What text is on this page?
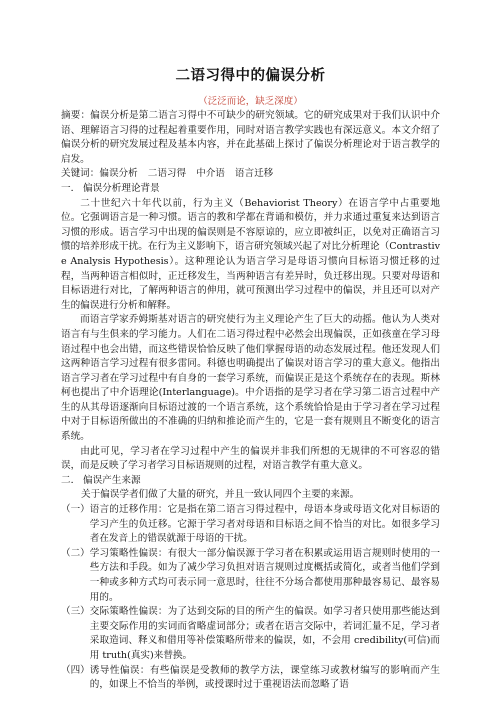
二语习得中的偏误分析

（泛泛而论，缺乏深度）

摘要：偏误分析是第二语言习得中不可缺少的研究领域。它的研究成果对于我们认识中介语、理解语言习得的过程起着重要作用，同时对语言教学实践也有深远意义。本文介绍了偏误分析的研究发展过程及基本内容，并在此基础上探讨了偏误分析理论对于语言教学的启发。

关键词：偏误分析 二语习得 中介语 语言迁移

一． 偏误分析理论背景

二十世纪六十年代以前，行为主义（Behaviorist Theory）在语言学中占重要地位。它强调语言是一种习惯。语言的教和学都在背诵和模仿，并力求通过重复来达到语言习惯的形成。语言学习中出现的偏误则是不容原谅的，应立即被纠正，以免对正确语言习惯的培养形成干扰。在行为主义影响下，语言研究领域兴起了对比分析理论（Contrastive Analysis Hypothesis）。这种理论认为语言学习是母语习惯向目标语习惯迁移的过程，当两种语言相似时，正迁移发生，当两种语言有差异时，负迁移出现。只要对母语和目标语进行对比，了解两种语言的伸用，就可预测出学习过程中的偏误，并且还可以对产生的偏误进行分析和解释。

而语言学家乔姆斯基对语言的研究使行为主义理论产生了巨大的动摇。他认为人类对语言有与生俱来的学习能力。人们在二语习得过程中必然会出现偏误，正如孩童在学习母语过程中也会出错，而这些错误恰恰反映了他们掌握母语的动态发展过程。他还发现人们这两种语言学习过程有很多雷同。科德也明确提出了偏误对语言学习的重大意义。他指出语言学习者在学习过程中有自身的一套学习系统，而偏误正是这个系统存在的表现。斯林柯也提出了中介语理论(Interlanguage)。中介语指的是学习者在学习第二语言过程中产生的从其母语逐渐向目标语过渡的一个语言系统，这个系统恰恰是由于学习者在学习过程中对于目标语所做出的不准确的归纳和推论而产生的，它是一套有规则且不断变化的语言系统。

由此可见，学习者在学习过程中产生的偏误并非我们所想的无规律的不可容忍的错误，而是反映了学习者学习目标语规则的过程，对语言教学有重大意义。

二． 偏误产生来源

关于偏误学者们做了大量的研究，并且一致认同四个主要的来源。

（一） 语言的迁移作用：它是指在第二语言习得过程中，母语本身或母语文化对目标语的学习产生的负迁移。它源于学习者对母语和目标语之间不恰当的对比。如很多学习者在发音上的错误就源于母语的干扰。
（二） 学习策略性偏误：有很大一部分偏误源于学习者在积累或运用语言规则时使用的一些方法和手段。如为了减少学习负担对语言规则过度概括或简化，或者当他们学到一种或多种方式均可表示同一意思时，往往不分场合都使用那种最容易记、最容易用的。
（三） 交际策略性偏误：为了达到交际的目的所产生的偏误。如学习者只使用那些能达到主要交际作用的实词而省略虚词部分；或者在语言交际中，若词汇量不足，学习者采取造词、释义和借用等补偿策略所带来的偏误，如，不会用 credibility(可信)而用 truth(真实)来替换。
（四） 诱导性偏误：有些偏误是受教师的教学方法，课堂练习或教材编写的影响而产生的，如课上不恰当的举例，或授课时过于重视语法而忽略了语
